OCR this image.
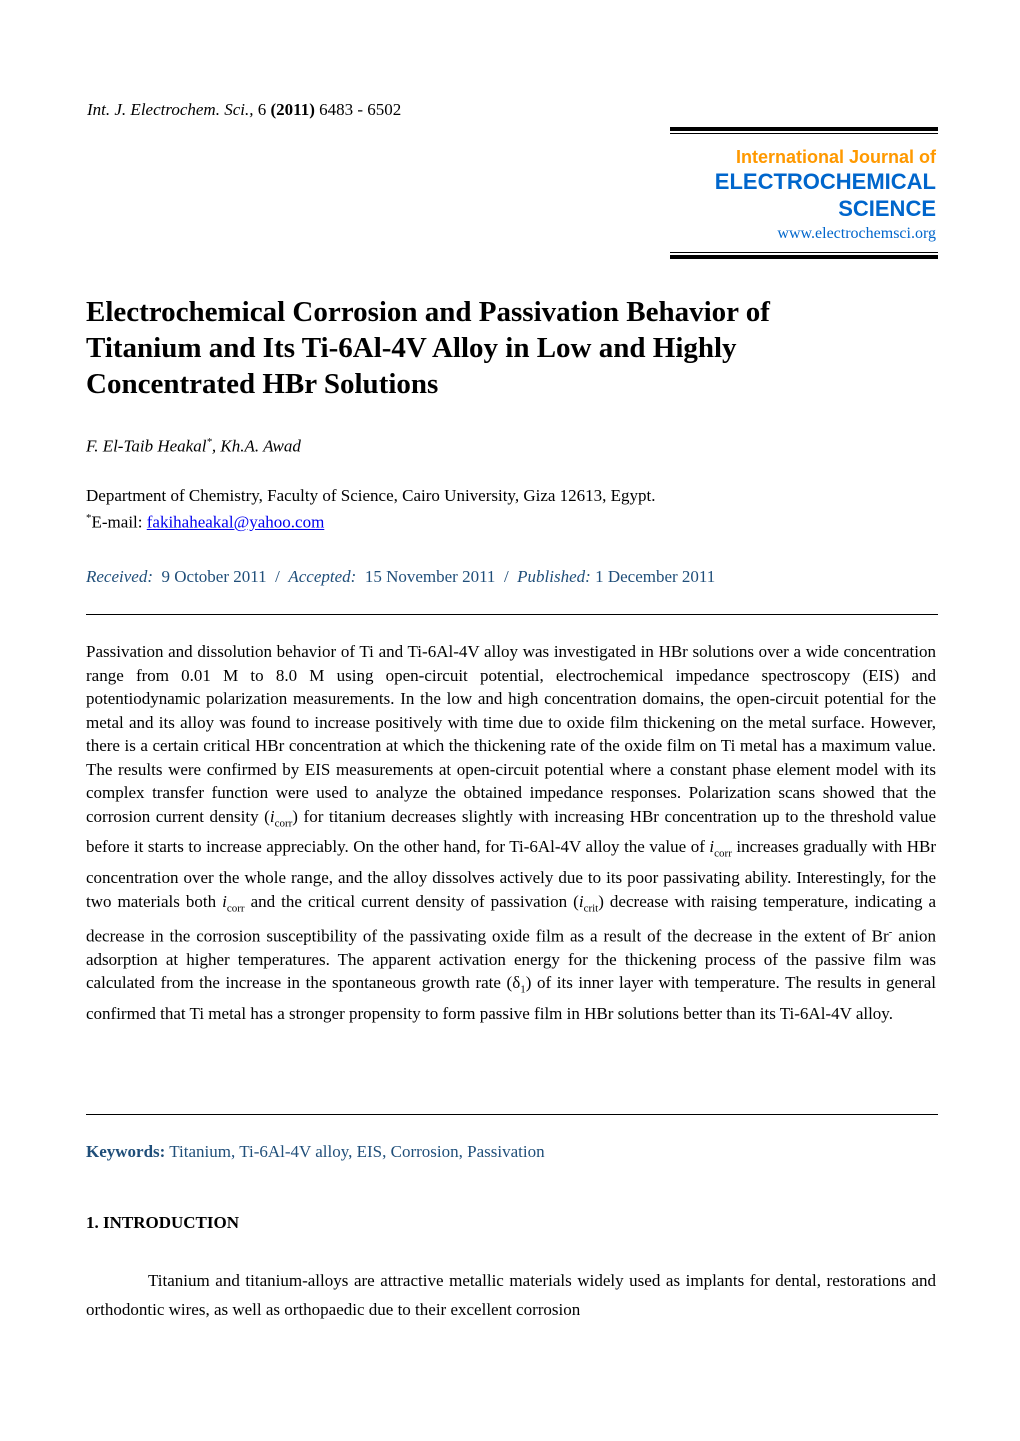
Int. J. Electrochem. Sci., 6 (2011) 6483 - 6502
International Journal of
ELECTROCHEMICAL
SCIENCE
www.electrochemsci.org
Electrochemical Corrosion and Passivation Behavior of
Titanium and Its Ti-6Al-4V Alloy in Low and Highly
Concentrated HBr Solutions
F. El-Taib Heakal*, Kh.A. Awad
Department of Chemistry, Faculty of Science, Cairo University, Giza 12613, Egypt.
*E-mail: fakihaheakal@yahoo.com
Received: 9 October 2011 / Accepted: 15 November 2011 / Published: 1 December 2011
Passivation and dissolution behavior of Ti and Ti-6Al-4V alloy was investigated in HBr solutions over a wide concentration range from 0.01 M to 8.0 M using open-circuit potential, electrochemical impedance spectroscopy (EIS) and potentiodynamic polarization measurements. In the low and high concentration domains, the open-circuit potential for the metal and its alloy was found to increase positively with time due to oxide film thickening on the metal surface. However, there is a certain critical HBr concentration at which the thickening rate of the oxide film on Ti metal has a maximum value. The results were confirmed by EIS measurements at open-circuit potential where a constant phase element model with its complex transfer function were used to analyze the obtained impedance responses. Polarization scans showed that the corrosion current density $(i_{corr})$ for titanium decreases slightly with increasing HBr concentration up to the threshold value before it starts to increase appreciably. On the other hand, for Ti-6Al-4V alloy the value of $i_{corr}$ increases gradually with HBr concentration over the whole range, and the alloy dissolves actively due to its poor passivating ability. Interestingly, for the two materials both $i_{corr}$ and the critical current density of passivation $(i_{crit})$ decrease with raising temperature, indicating a decrease in the corrosion susceptibility of the passivating oxide film as a result of the decrease in the extent of Br- anion adsorption at higher temperatures. The apparent activation energy for the thickening process of the passive film was calculated from the increase in the spontaneous growth rate $(\delta_1)$ of its inner layer with temperature. The results in general confirmed that Ti metal has a stronger propensity to form passive film in HBr solutions better than its Ti-6Al-4V alloy.
Keywords: Titanium, Ti-6Al-4V alloy, EIS, Corrosion, Passivation
1. INTRODUCTION
Titanium and titanium-alloys are attractive metallic materials widely used as implants for dental, restorations and orthodontic wires, as well as orthopaedic due to their excellent corrosion
